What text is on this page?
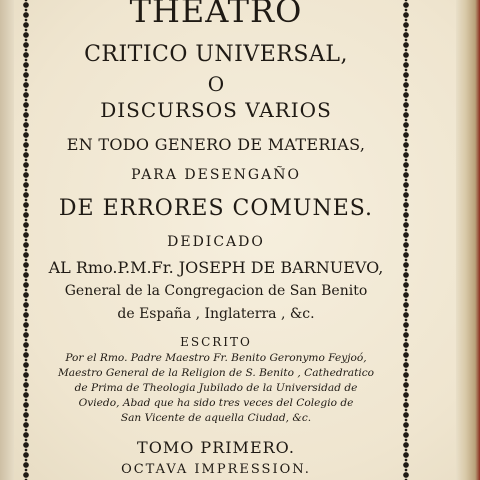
THEATRO
CRITICO UNIVERSAL,
O
DISCURSOS VARIOS
EN TODO GENERO DE MATERIAS,
PARA DESENGAÑO
DE ERRORES COMUNES.
DEDICADO
AL Rmo.P.M.Fr. JOSEPH DE BARNUEVO,
General de la Congregacion de San Benito
de España , Inglaterra , &c.
ESCRITO
Por el Rmo. Padre Maestro Fr. Benito Geronymo Feyjoó,
Maestro General de la Religion de S. Benito , Cathedratico
de Prima de Theologia Jubilado de la Universidad de
Oviedo, Abad que ha sido tres veces del Colegio de
San Vicente de aquella Ciudad, &c.
TOMO PRIMERO.
OCTAVA IMPRESSION.
